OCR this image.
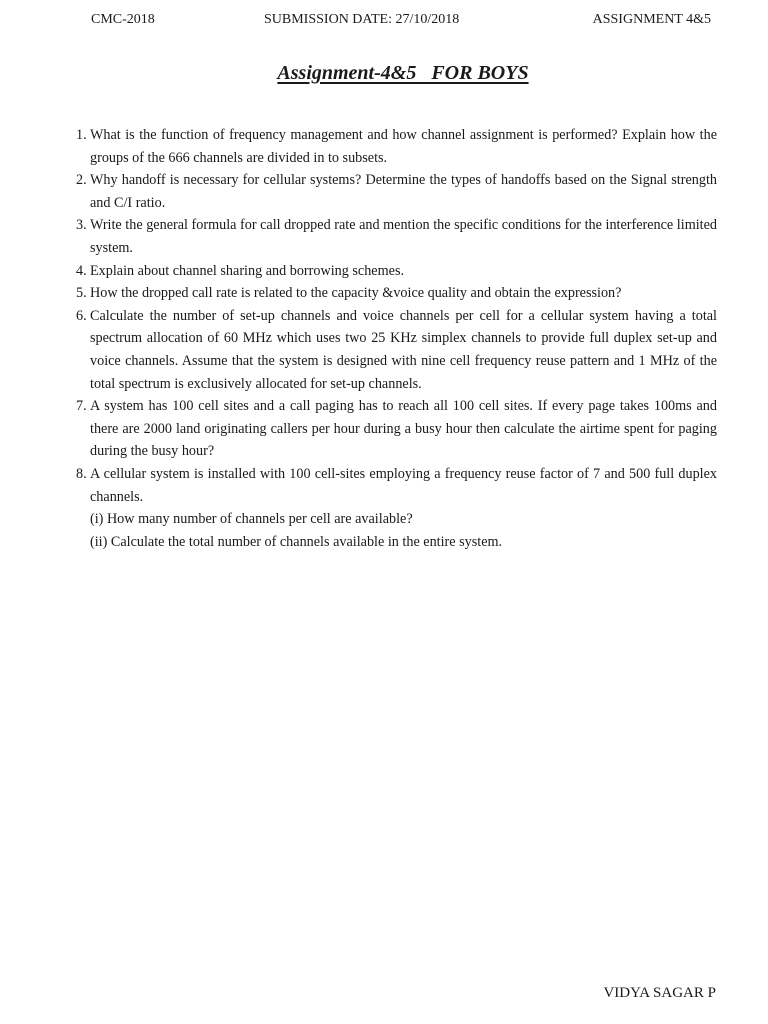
CMC-2018	SUBMISSION DATE: 27/10/2018	ASSIGNMENT 4&5
Assignment-4&5   FOR BOYS
1. What is the function of frequency management and how channel assignment is performed? Explain how the groups of the 666 channels are divided in to subsets.
2. Why handoff is necessary for cellular systems? Determine the types of handoffs based on the Signal strength and C/I ratio.
3. Write the general formula for call dropped rate and mention the specific conditions for the interference limited system.
4. Explain about channel sharing and borrowing schemes.
5. How the dropped call rate is related to the capacity &voice quality and obtain the expression?
6. Calculate the number of set-up channels and voice channels per cell for a cellular system having a total spectrum allocation of 60 MHz which uses two 25 KHz simplex channels to provide full duplex set-up and voice channels. Assume that the system is designed with nine cell frequency reuse pattern and 1 MHz of the total spectrum is exclusively allocated for set-up channels.
7. A system has 100 cell sites and a call paging has to reach all 100 cell sites. If every page takes 100ms and there are 2000 land originating callers per hour during a busy hour then calculate the airtime spent for paging during the busy hour?
8. A cellular system is installed with 100 cell-sites employing a frequency reuse factor of 7 and 500 full duplex channels.
(i) How many number of channels per cell are available?
(ii) Calculate the total number of channels available in the entire system.
VIDYA SAGAR P
